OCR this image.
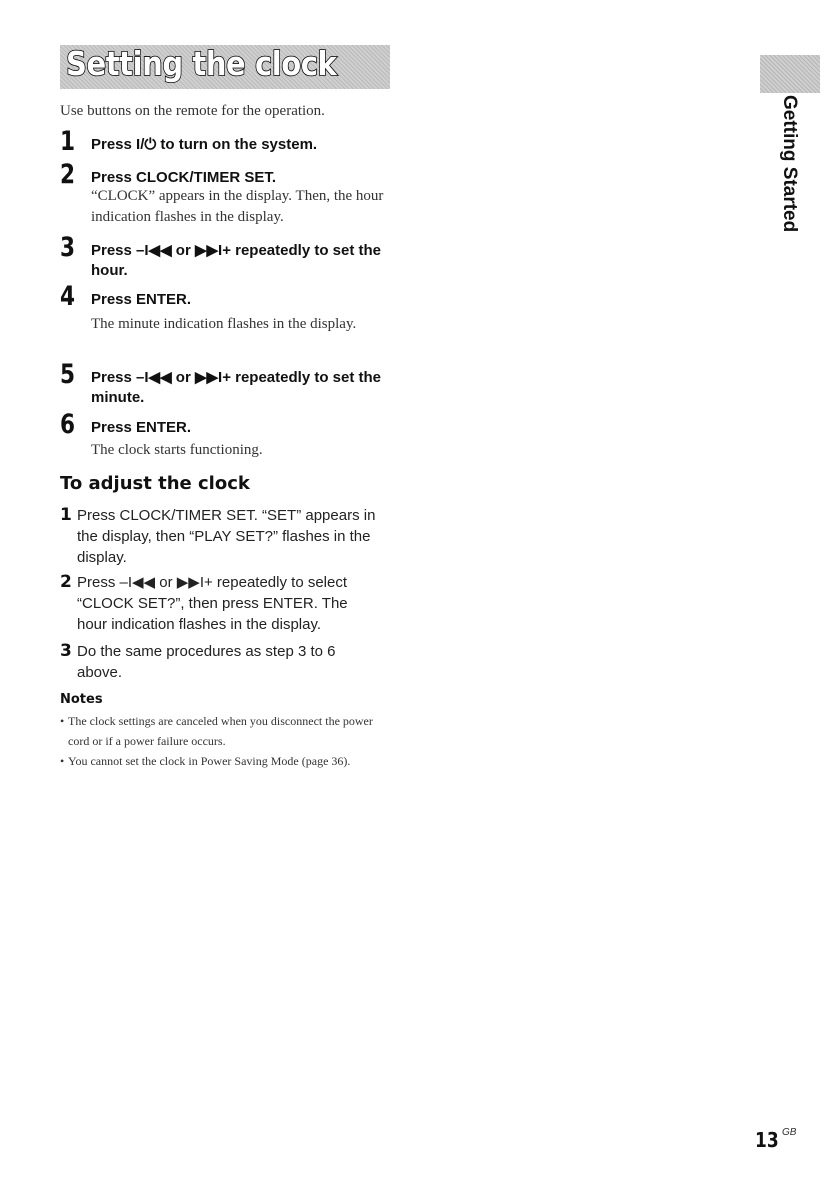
Setting the clock
Getting Started
Use buttons on the remote for the operation.
1 Press I/⏻ to turn on the system.
2 Press CLOCK/TIMER SET.
“CLOCK” appears in the display. Then, the hour indication flashes in the display.
3 Press –I◀◀ or ▶▶I+ repeatedly to set the hour.
4 Press ENTER.
The minute indication flashes in the display.
5 Press –I◀◀ or ▶▶I+ repeatedly to set the minute.
6 Press ENTER.
The clock starts functioning.
To adjust the clock
1 Press CLOCK/TIMER SET. “SET” appears in the display, then “PLAY SET?” flashes in the display.
2 Press –I◀◀ or ▶▶I+ repeatedly to select “CLOCK SET?”, then press ENTER. The hour indication flashes in the display.
3 Do the same procedures as step 3 to 6 above.
Notes
• The clock settings are canceled when you disconnect the power cord or if a power failure occurs.
• You cannot set the clock in Power Saving Mode (page 36).
13 GB
